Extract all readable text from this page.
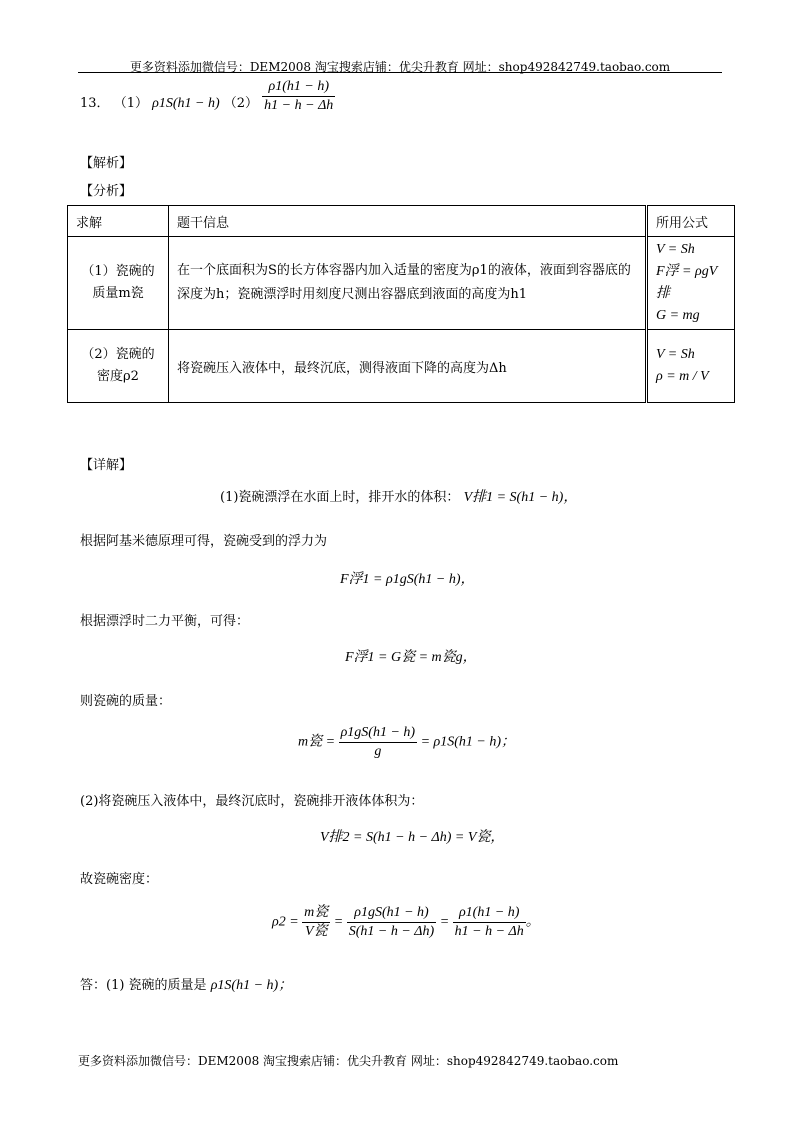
更多资料添加微信号：DEM2008 淘宝搜索店铺：优尖升教育 网址：shop492842749.taobao.com
13． （1） ρ1S(h1 − h) $(2) \frac{\rho 1(h1 - h)}{h1 - h - \Delta h}$
【解析】
【分析】
求解	题干信息	所用公式

（1）瓷碗的
质量m瓷	在一个底面积为S的长方体容器内加入适量的密度为ρ1的液体，液面到容器底的深度为h；瓷碗漂浮时用刻度尺测出容器底到液面的高度为h1	V = Sh
F浮 = ρgV排
G = mg

（2）瓷碗的
密度ρ2	将瓷碗压入液体中，最终沉底，测得液面下降的高度为Δh	V = Sh
ρ = m / V
【详解】
(1)瓷碗漂浮在水面上时，排开水的体积： V排1 = S(h1 − h)，
根据阿基米德原理可得，瓷碗受到的浮力为
F浮1 = ρ1gS(h1 − h)，
根据漂浮时二力平衡，可得：
F浮1 = G瓷 = m瓷g，
则瓷碗的质量：
m瓷 = $\frac{\rho 1gS(h1 - h)}{g} = \rho 1S(h1 - h)$；
(2)将瓷碗压入液体中，最终沉底时，瓷碗排开液体体积为：
V排2 = S(h1 − h − Δh) = V瓷，
故瓷碗密度：
$\rho 2 = \frac{\text{m瓷}}{\text{V瓷}} = \frac{\rho 1gS(h1 - h)}{S(h1 - h - \Delta h)} = \frac{\rho 1(h1 - h)}{h1 - h - \Delta h}$ 。
答：(1) 瓷碗的质量是 ρ1S(h1 − h)；
更多资料添加微信号：DEM2008 淘宝搜索店铺：优尖升教育 网址：shop492842749.taobao.com
